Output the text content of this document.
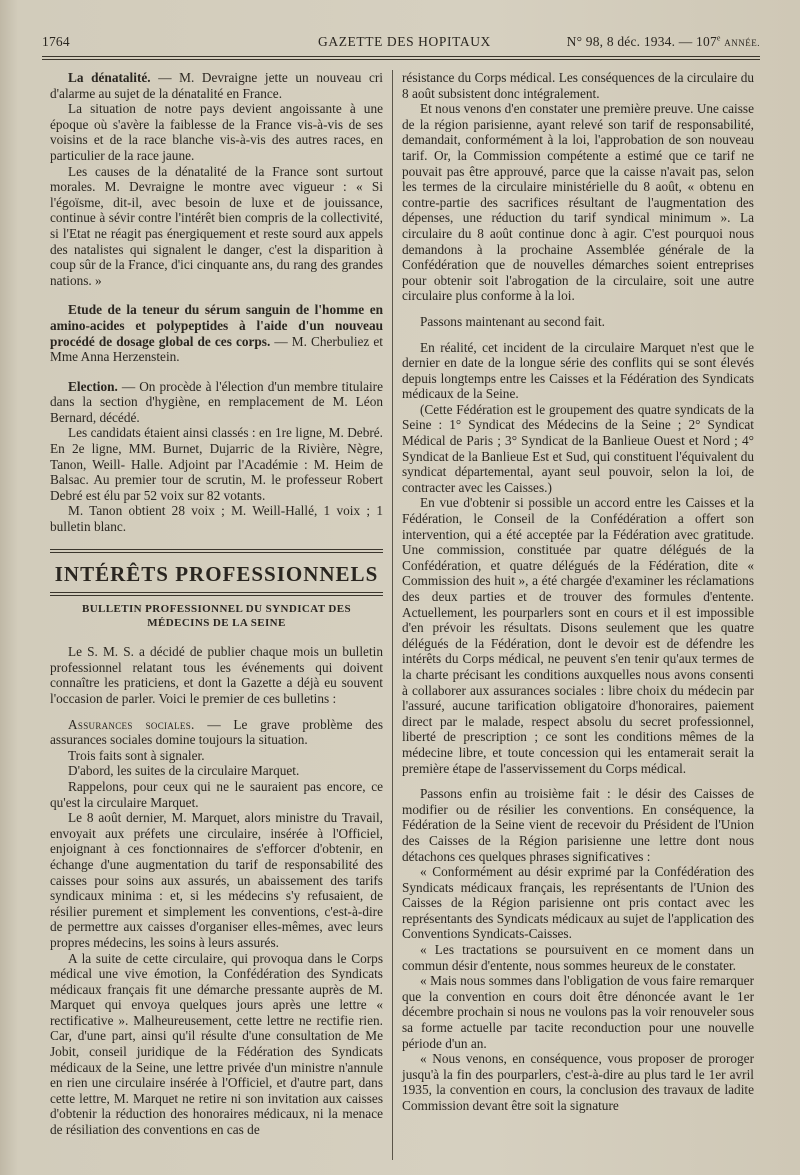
1764	GAZETTE DES HOPITAUX	N° 98, 8 déc. 1934. — 107e ANNÉE.

La dénatalité. — M. Devraigne jette un nouveau cri d'alarme au sujet de la dénatalité en France.

La situation de notre pays devient angoissante à une époque où s'avère la faiblesse de la France vis-à-vis de ses voisins et de la race blanche vis-à-vis des autres races, en particulier de la race jaune.

Les causes de la dénatalité de la France sont surtout morales. M. Devraigne le montre avec vigueur : « Si l'égoïsme, dit-il, avec besoin de luxe et de jouissance, continue à sévir contre l'intérêt bien compris de la collectivité, si l'Etat ne réagit pas énergiquement et reste sourd aux appels des natalistes qui signalent le danger, c'est la disparition à coup sûr de la France, d'ici cinquante ans, du rang des grandes nations. »

Etude de la teneur du sérum sanguin de l'homme en amino-acides et polypeptides à l'aide d'un nouveau procédé de dosage global de ces corps. — M. Cherbuliez et Mme Anna Herzenstein.

Election. — On procède à l'élection d'un membre titulaire dans la section d'hygiène, en remplacement de M. Léon Bernard, décédé.

Les candidats étaient ainsi classés : en 1re ligne, M. Debré. En 2e ligne, MM. Burnet, Dujarric de la Rivière, Nègre, Tanon, Weill- Halle. Adjoint par l'Académie : M. Heim de Balsac. Au premier tour de scrutin, M. le professeur Robert Debré est élu par 52 voix sur 82 votants.

M. Tanon obtient 28 voix ; M. Weill-Hallé, 1 voix ; 1 bulletin blanc.

INTÉRÊTS PROFESSIONNELS
BULLETIN PROFESSIONNEL DU SYNDICAT DES MÉDECINS DE LA SEINE

Le S. M. S. a décidé de publier chaque mois un bulletin professionnel relatant tous les événements qui doivent connaître les praticiens, et dont la Gazette a déjà eu souvent l'occasion de parler. Voici le premier de ces bulletins :

Assurances sociales. — Le grave problème des assurances sociales domine toujours la situation.

Trois faits sont à signaler.

D'abord, les suites de la circulaire Marquet.

Rappelons, pour ceux qui ne le sauraient pas encore, ce qu'est la circulaire Marquet.

Le 8 août dernier, M. Marquet, alors ministre du Travail, envoyait aux préfets une circulaire, insérée à l'Officiel, enjoignant à ces fonctionnaires de s'efforcer d'obtenir, en échange d'une augmentation du tarif de responsabilité des caisses pour soins aux assurés, un abaissement des tarifs syndicaux minima : et, si les médecins s'y refusaient, de résilier purement et simplement les conventions, c'est-à-dire de permettre aux caisses d'organiser elles-mêmes, avec leurs propres médecins, les soins à leurs assurés.

A la suite de cette circulaire, qui provoqua dans le Corps médical une vive émotion, la Confédération des Syndicats médicaux français fit une démarche pressante auprès de M. Marquet qui envoya quelques jours après une lettre « rectificative ». Malheureusement, cette lettre ne rectifie rien. Car, d'une part, ainsi qu'il résulte d'une consultation de Me Jobit, conseil juridique de la Fédération des Syndicats médicaux de la Seine, une lettre privée d'un ministre n'annule en rien une circulaire insérée à l'Officiel, et d'autre part, dans cette lettre, M. Marquet ne retire ni son invitation aux caisses d'obtenir la réduction des honoraires médicaux, ni la menace de résiliation des conventions en cas de

résistance du Corps médical. Les conséquences de la circulaire du 8 août subsistent donc intégralement.

Et nous venons d'en constater une première preuve. Une caisse de la région parisienne, ayant relevé son tarif de responsabilité, demandait, conformément à la loi, l'approbation de son nouveau tarif. Or, la Commission compétente a estimé que ce tarif ne pouvait pas être approuvé, parce que la caisse n'avait pas, selon les termes de la circulaire ministérielle du 8 août, « obtenu en contre-partie des sacrifices résultant de l'augmentation des dépenses, une réduction du tarif syndical minimum ». La circulaire du 8 août continue donc à agir. C'est pourquoi nous demandons à la prochaine Assemblée générale de la Confédération que de nouvelles démarches soient entreprises pour obtenir soit l'abrogation de la circulaire, soit une autre circulaire plus conforme à la loi.

Passons maintenant au second fait.

En réalité, cet incident de la circulaire Marquet n'est que le dernier en date de la longue série des conflits qui se sont élevés depuis longtemps entre les Caisses et la Fédération des Syndicats médicaux de la Seine.

(Cette Fédération est le groupement des quatre syndicats de la Seine : 1° Syndicat des Médecins de la Seine ; 2° Syndicat Médical de Paris ; 3° Syndicat de la Banlieue Ouest et Nord ; 4° Syndicat de la Banlieue Est et Sud, qui constituent l'équivalent du syndicat départemental, ayant seul pouvoir, selon la loi, de contracter avec les Caisses.)

En vue d'obtenir si possible un accord entre les Caisses et la Fédération, le Conseil de la Confédération a offert son intervention, qui a été acceptée par la Fédération avec gratitude. Une commission, constituée par quatre délégués de la Confédération, et quatre délégués de la Fédération, dite « Commission des huit », a été chargée d'examiner les réclamations des deux parties et de trouver des formules d'entente. Actuellement, les pourparlers sont en cours et il est impossible d'en prévoir les résultats. Disons seulement que les quatre délégués de la Fédération, dont le devoir est de défendre les intérêts du Corps médical, ne peuvent s'en tenir qu'aux termes de la charte précisant les conditions auxquelles nous avons consenti à collaborer aux assurances sociales : libre choix du médecin par l'assuré, aucune tarification obligatoire d'honoraires, paiement direct par le malade, respect absolu du secret professionnel, liberté de prescription ; ce sont les conditions mêmes de la médecine libre, et toute concession qui les entamerait serait la première étape de l'asservissement du Corps médical.

Passons enfin au troisième fait : le désir des Caisses de modifier ou de résilier les conventions. En conséquence, la Fédération de la Seine vient de recevoir du Président de l'Union des Caisses de la Région parisienne une lettre dont nous détachons ces quelques phrases significatives :

« Conformément au désir exprimé par la Confédération des Syndicats médicaux français, les représentants de l'Union des Caisses de la Région parisienne ont pris contact avec les représentants des Syndicats médicaux au sujet de l'application des Conventions Syndicats-Caisses.

« Les tractations se poursuivent en ce moment dans un commun désir d'entente, nous sommes heureux de le constater.

« Mais nous sommes dans l'obligation de vous faire remarquer que la convention en cours doit être dénoncée avant le 1er décembre prochain si nous ne voulons pas la voir renouveler sous sa forme actuelle par tacite reconduction pour une nouvelle période d'un an.

« Nous venons, en conséquence, vous proposer de proroger jusqu'à la fin des pourparlers, c'est-à-dire au plus tard le 1er avril 1935, la convention en cours, la conclusion des travaux de ladite Commission devant être soit la signature
